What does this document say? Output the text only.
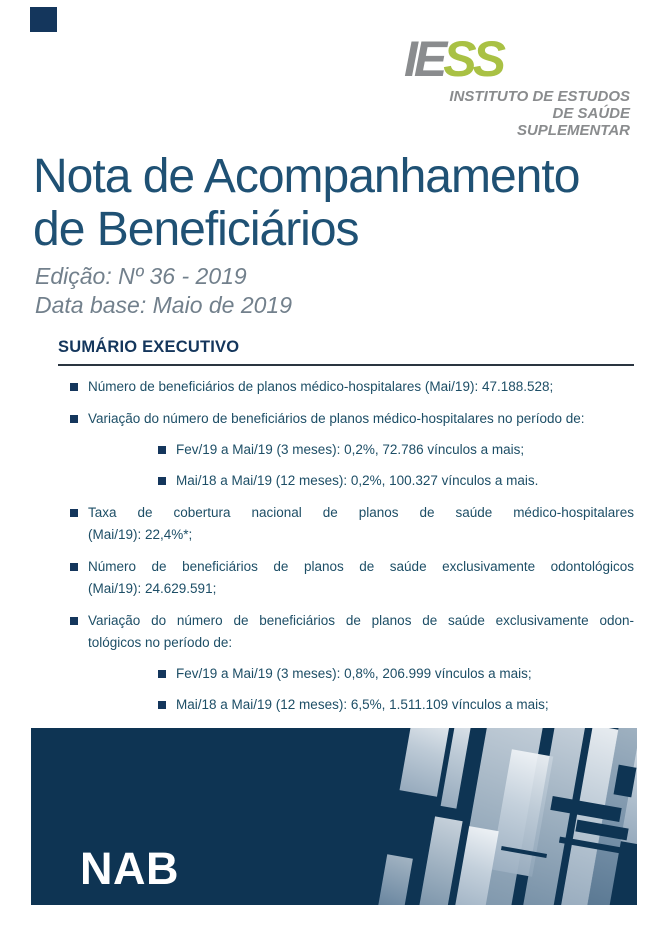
IESS
INSTITUTO DE ESTUDOS
DE SAÚDE SUPLEMENTAR
Nota de Acompanhamento
de Beneficiários
Edição: Nº 36 - 2019
Data base: Maio de 2019
SUMÁRIO EXECUTIVO
Número de beneficiários de planos médico-hospitalares (Mai/19): 47.188.528;
Variação do número de beneficiários de planos médico-hospitalares no período de:
Fev/19 a Mai/19 (3 meses): 0,2%, 72.786 vínculos a mais;
Mai/18 a Mai/19 (12 meses): 0,2%, 100.327 vínculos a mais.
Taxa de cobertura nacional de planos de saúde médico-hospitalares
(Mai/19): 22,4%*;
Número de beneficiários de planos de saúde exclusivamente odontológicos
(Mai/19): 24.629.591;
Variação do número de beneficiários de planos de saúde exclusivamente odon-
tológicos no período de:
Fev/19 a Mai/19 (3 meses): 0,8%, 206.999 vínculos a mais;
Mai/18 a Mai/19 (12 meses): 6,5%, 1.511.109 vínculos a mais;

NAB
